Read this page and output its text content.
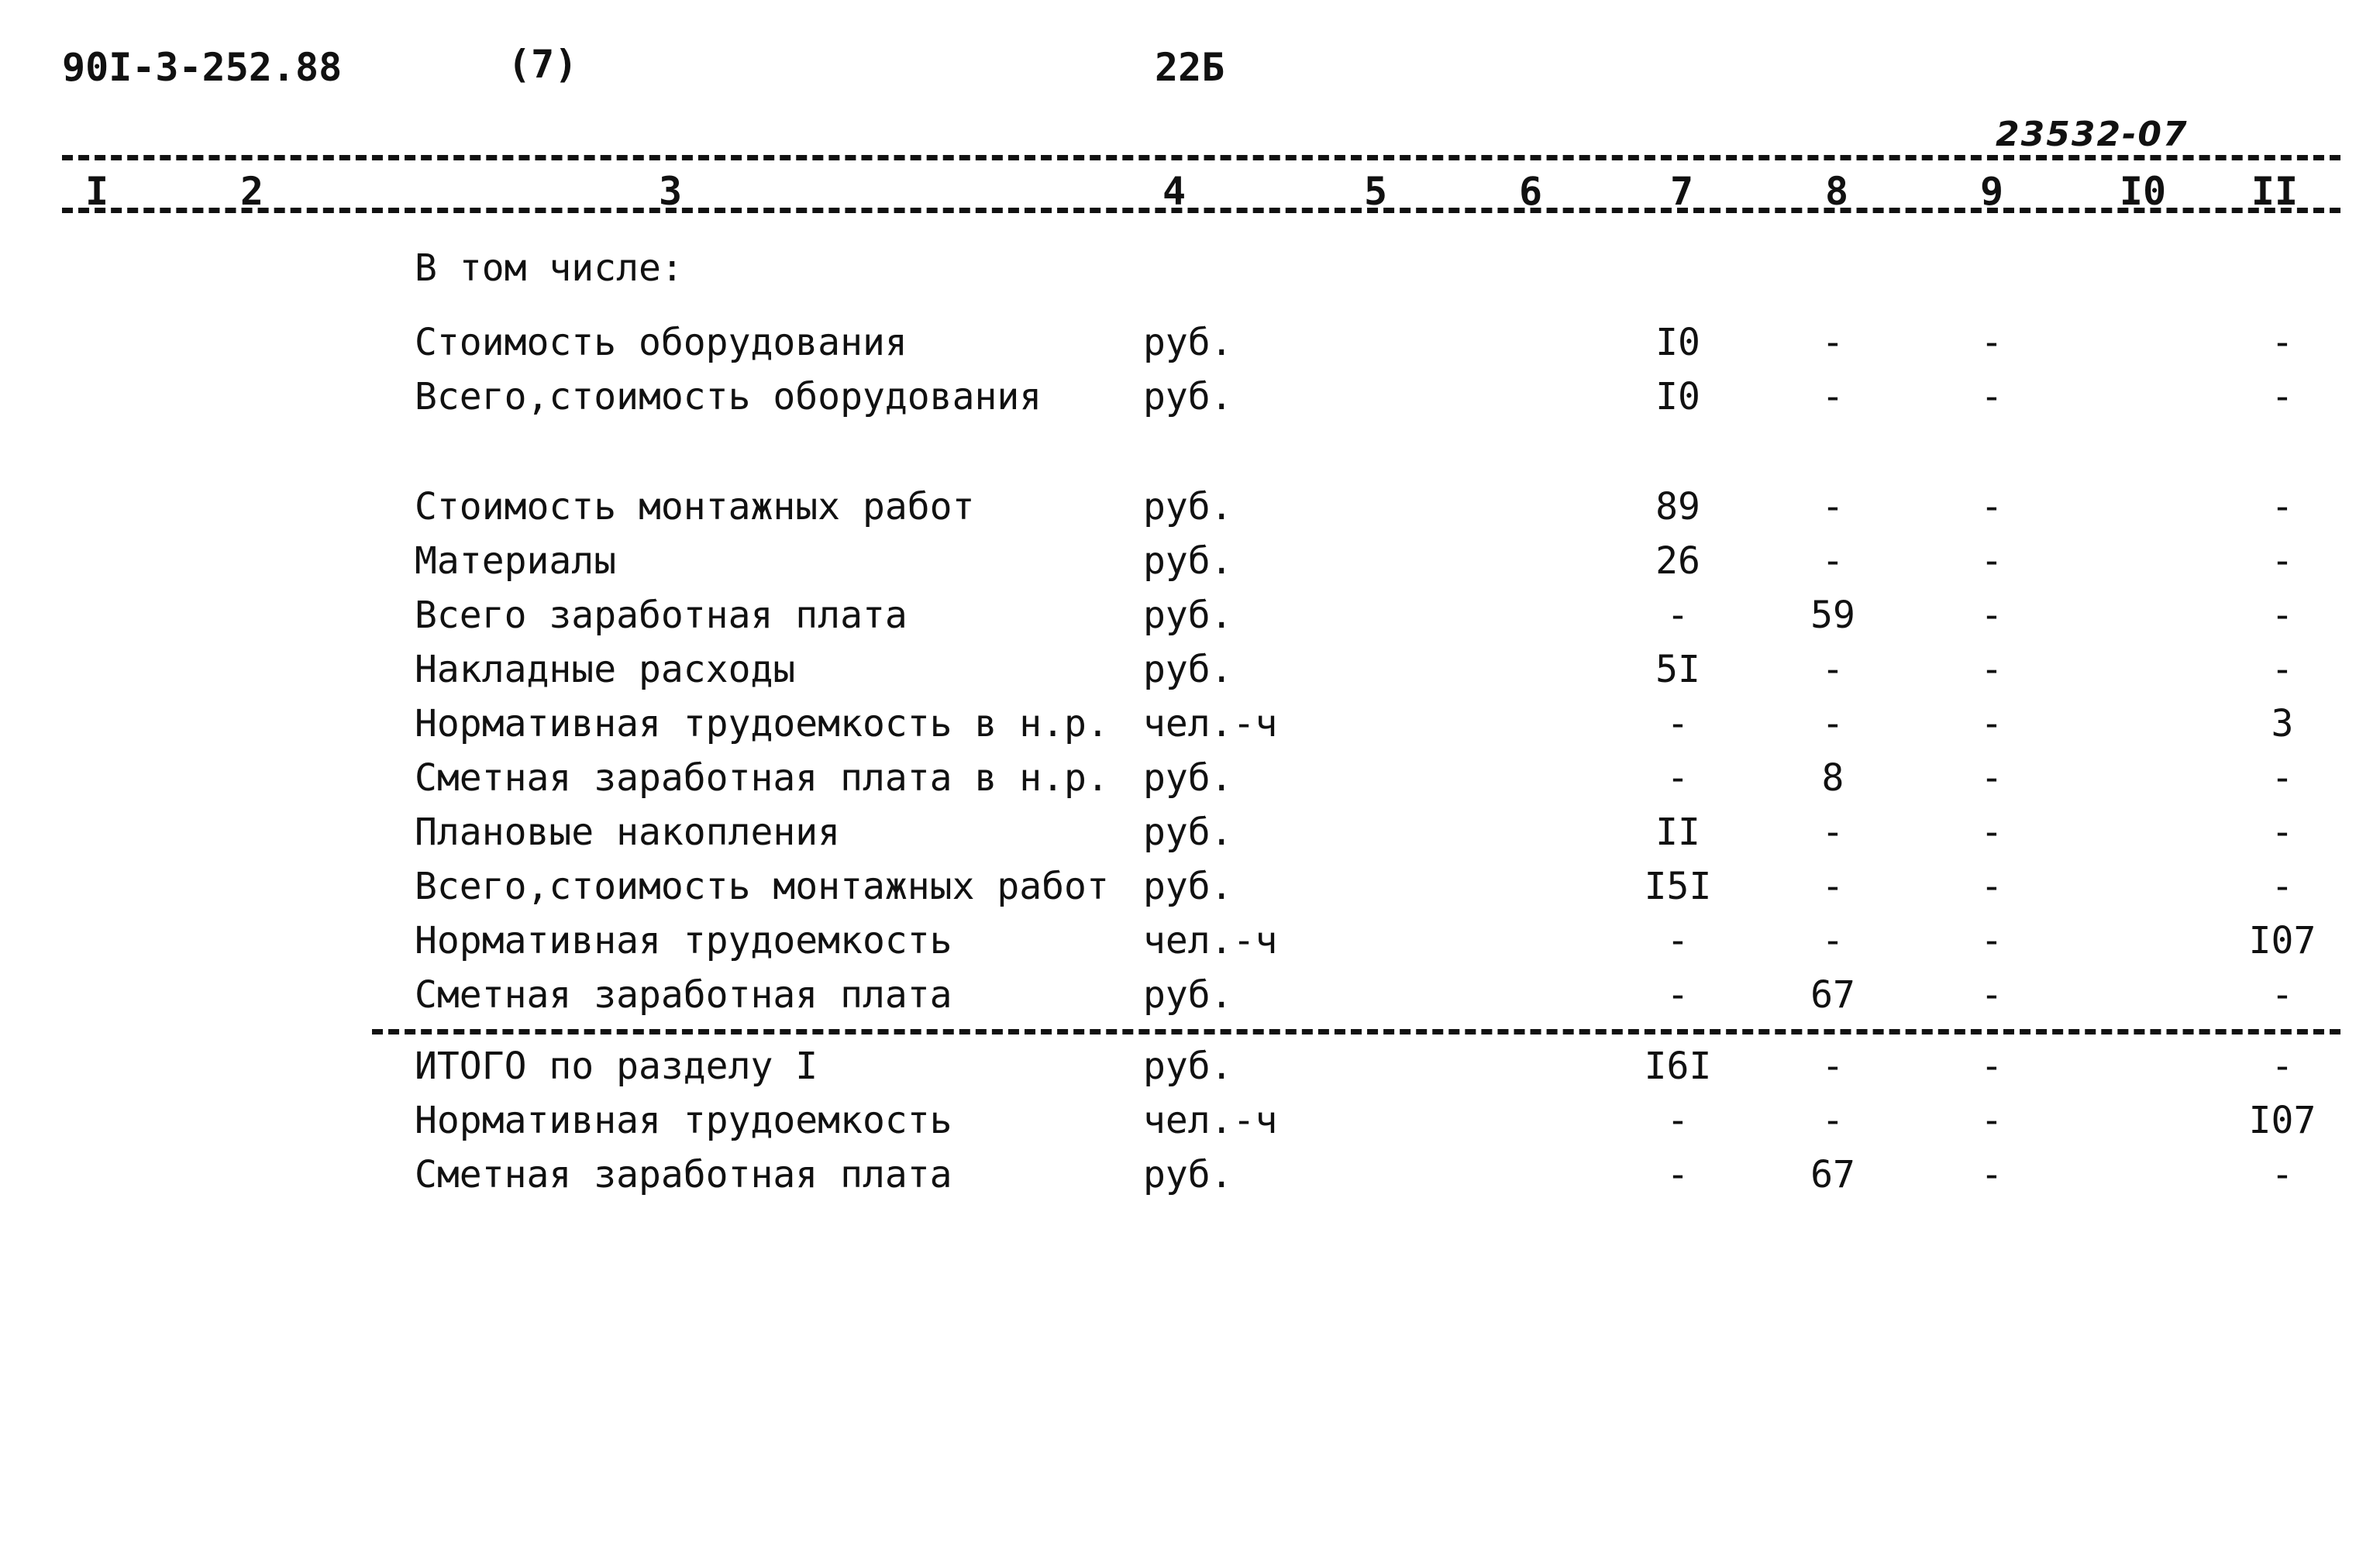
90I-3-252.88	(7)	22Б
23532-07
I	2	3	4	5	6	7	8	9	I0 II
В том числе:
Стоимость оборудования	руб.	I0	-	-	-
Всего,стоимость оборудования	руб.	I0	-	-	-
Стоимость монтажных работ	руб.	89	-	-	-
Материалы	руб.	26	-	-	-
Всего заработная плата	руб.	-	59	-	-
Накладные расходы	руб.	5I	-	-	-
Нормативная трудоемкость в н.р. чел.-ч	-	-	-	3
Сметная заработная плата в н.р. руб.	-	8	-	-
Плановые накопления	руб.	II	-	-	-
Всего,стоимость монтажных работ руб.	I5I	-	-	-
Нормативная трудоемкость	чел.-ч	-	-	-	I07
Сметная заработная плата	руб.	-	67	-	-
ИТОГО по разделу I	руб.	I6I	-	-	-
Нормативная трудоемкость	чел.-ч	-	-	-	I07
Сметная заработная плата	руб.	-	67	-	-
